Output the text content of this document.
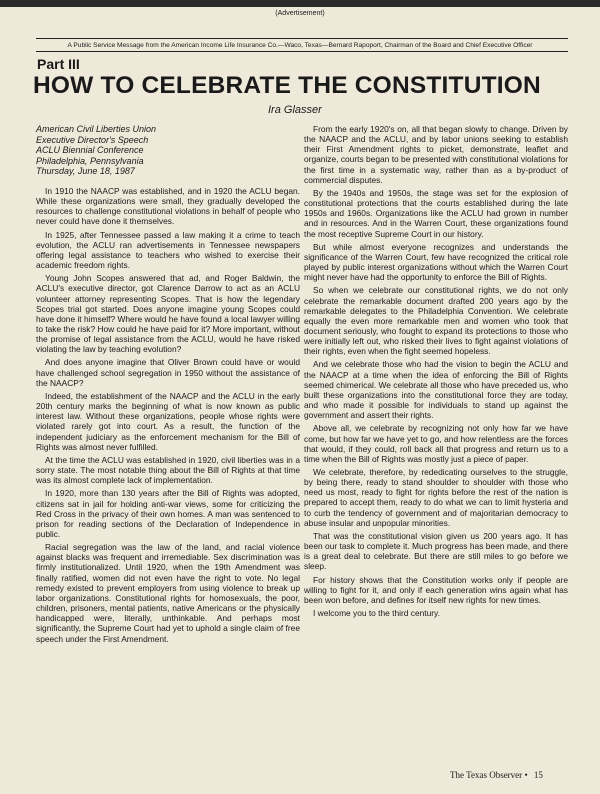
(Advertisement)
A Public Service Message from the American Income Life Insurance Co.—Waco, Texas—Bernard Rapoport, Chairman of the Board and Chief Executive Officer
Part III
HOW TO CELEBRATE THE CONSTITUTION
Ira Glasser
American Civil Liberties Union
Executive Director's Speech
ACLU Biennial Conference
Philadelphia, Pennsylvania
Thursday, June 18, 1987

In 1910 the NAACP was established, and in 1920 the ACLU began. While these organizations were small, they gradually developed the resources to challenge constitutional violations in behalf of people who never could have done it themselves.

In 1925, after Tennessee passed a law making it a crime to teach evolution, the ACLU ran advertisements in Tennessee newspapers offering legal assistance to teachers who wished to exercise their academic freedom rights.

Young John Scopes answered that ad, and Roger Baldwin, the ACLU's executive director, got Clarence Darrow to act as an ACLU volunteer attorney representing Scopes. That is how the legendary Scopes trial got started. Does anyone imagine young Scopes could have done it himself? Where would he have found a local lawyer willing to take the risk? How could he have paid for it? More important, without the promise of legal assistance from the ACLU, would he have risked violating the law by teaching evolution?

And does anyone imagine that Oliver Brown could have or would have challenged school segregation in 1950 without the assistance of the NAACP?

Indeed, the establishment of the NAACP and the ACLU in the early 20th century marks the beginning of what is now known as public interest law. Without these organizations, people whose rights were violated rarely got into court. As a result, the function of the independent judiciary as the enforcement mechanism for the Bill of Rights was almost never fulfilled.

At the time the ACLU was established in 1920, civil liberties was in a sorry state. The most notable thing about the Bill of Rights at that time was its almost complete lack of implementation.

In 1920, more than 130 years after the Bill of Rights was adopted, citizens sat in jail for holding anti-war views, some for criticizing the Red Cross in the privacy of their own homes. A man was sentenced to prison for reading sections of the Declaration of Independence in public.

Racial segregation was the law of the land, and racial violence against blacks was frequent and irremediable. Sex discrimination was firmly institutionalized. Until 1920, when the 19th Amendment was finally ratified, women did not even have the right to vote. No legal remedy existed to prevent employers from using violence to break up labor organizations. Constitutional rights for homosexuals, the poor, children, prisoners, mental patients, native Americans or the physically handicapped were, literally, unthinkable. And perhaps most significantly, the Supreme Court had yet to uphold a single claim of free speech under the First Amendment.

From the early 1920's on, all that began slowly to change. Driven by the NAACP and the ACLU, and by labor unions seeking to establish their First Amendment rights to picket, demonstrate, leaflet and organize, courts began to be presented with constitutional violations for the first time in a systematic way, rather than as a by-product of commercial disputes.

By the 1940s and 1950s, the stage was set for the explosion of constitutional protections that the courts established during the late 1950s and 1960s. Organizations like the ACLU had grown in number and in resources. And in the Warren Court, these organizations found the most receptive Supreme Court in our history.

But while almost everyone recognizes and understands the significance of the Warren Court, few have recognized the critical role played by public interest organizations without which the Warren Court might never have had the opportunity to enforce the Bill of Rights.

So when we celebrate our constitutional rights, we do not only celebrate the remarkable document drafted 200 years ago by the remarkable delegates to the Philadelphia Convention. We celebrate equally the even more remarkable men and women who took that document seriously, who fought to expand its protections to those who were initially left out, who risked their lives to fight against violations of their rights, even when the fight seemed hopeless.

And we celebrate those who had the vision to begin the ACLU and the NAACP at a time when the idea of enforcing the Bill of Rights seemed chimerical. We celebrate all those who have preceded us, who built these organizations into the constitutional force they are today, and who made it possible for individuals to stand up against the government and assert their rights.

Above all, we celebrate by recognizing not only how far we have come, but how far we have yet to go, and how relentless are the forces that would, if they could, roll back all that progress and return us to a time when the Bill of Rights was mostly just a piece of paper.

We celebrate, therefore, by rededicating ourselves to the struggle, by being there, ready to stand shoulder to shoulder with those who need us most, ready to fight for rights before the rest of the nation is prepared to accept them, ready to do what we can to limit hysteria and to curb the tendency of government and of majoritarian democracy to abuse insular and unpopular minorities.

That was the constitutional vision given us 200 years ago. It has been our task to complete it. Much progress has been made, and there is a great deal to celebrate. But there are still miles to go before we sleep.

For history shows that the Constitution works only if people are willing to fight for it, and only if each generation wins again what has been won before, and defines for itself new rights for new times.

I welcome you to the third century.

The Texas Observer • 15
